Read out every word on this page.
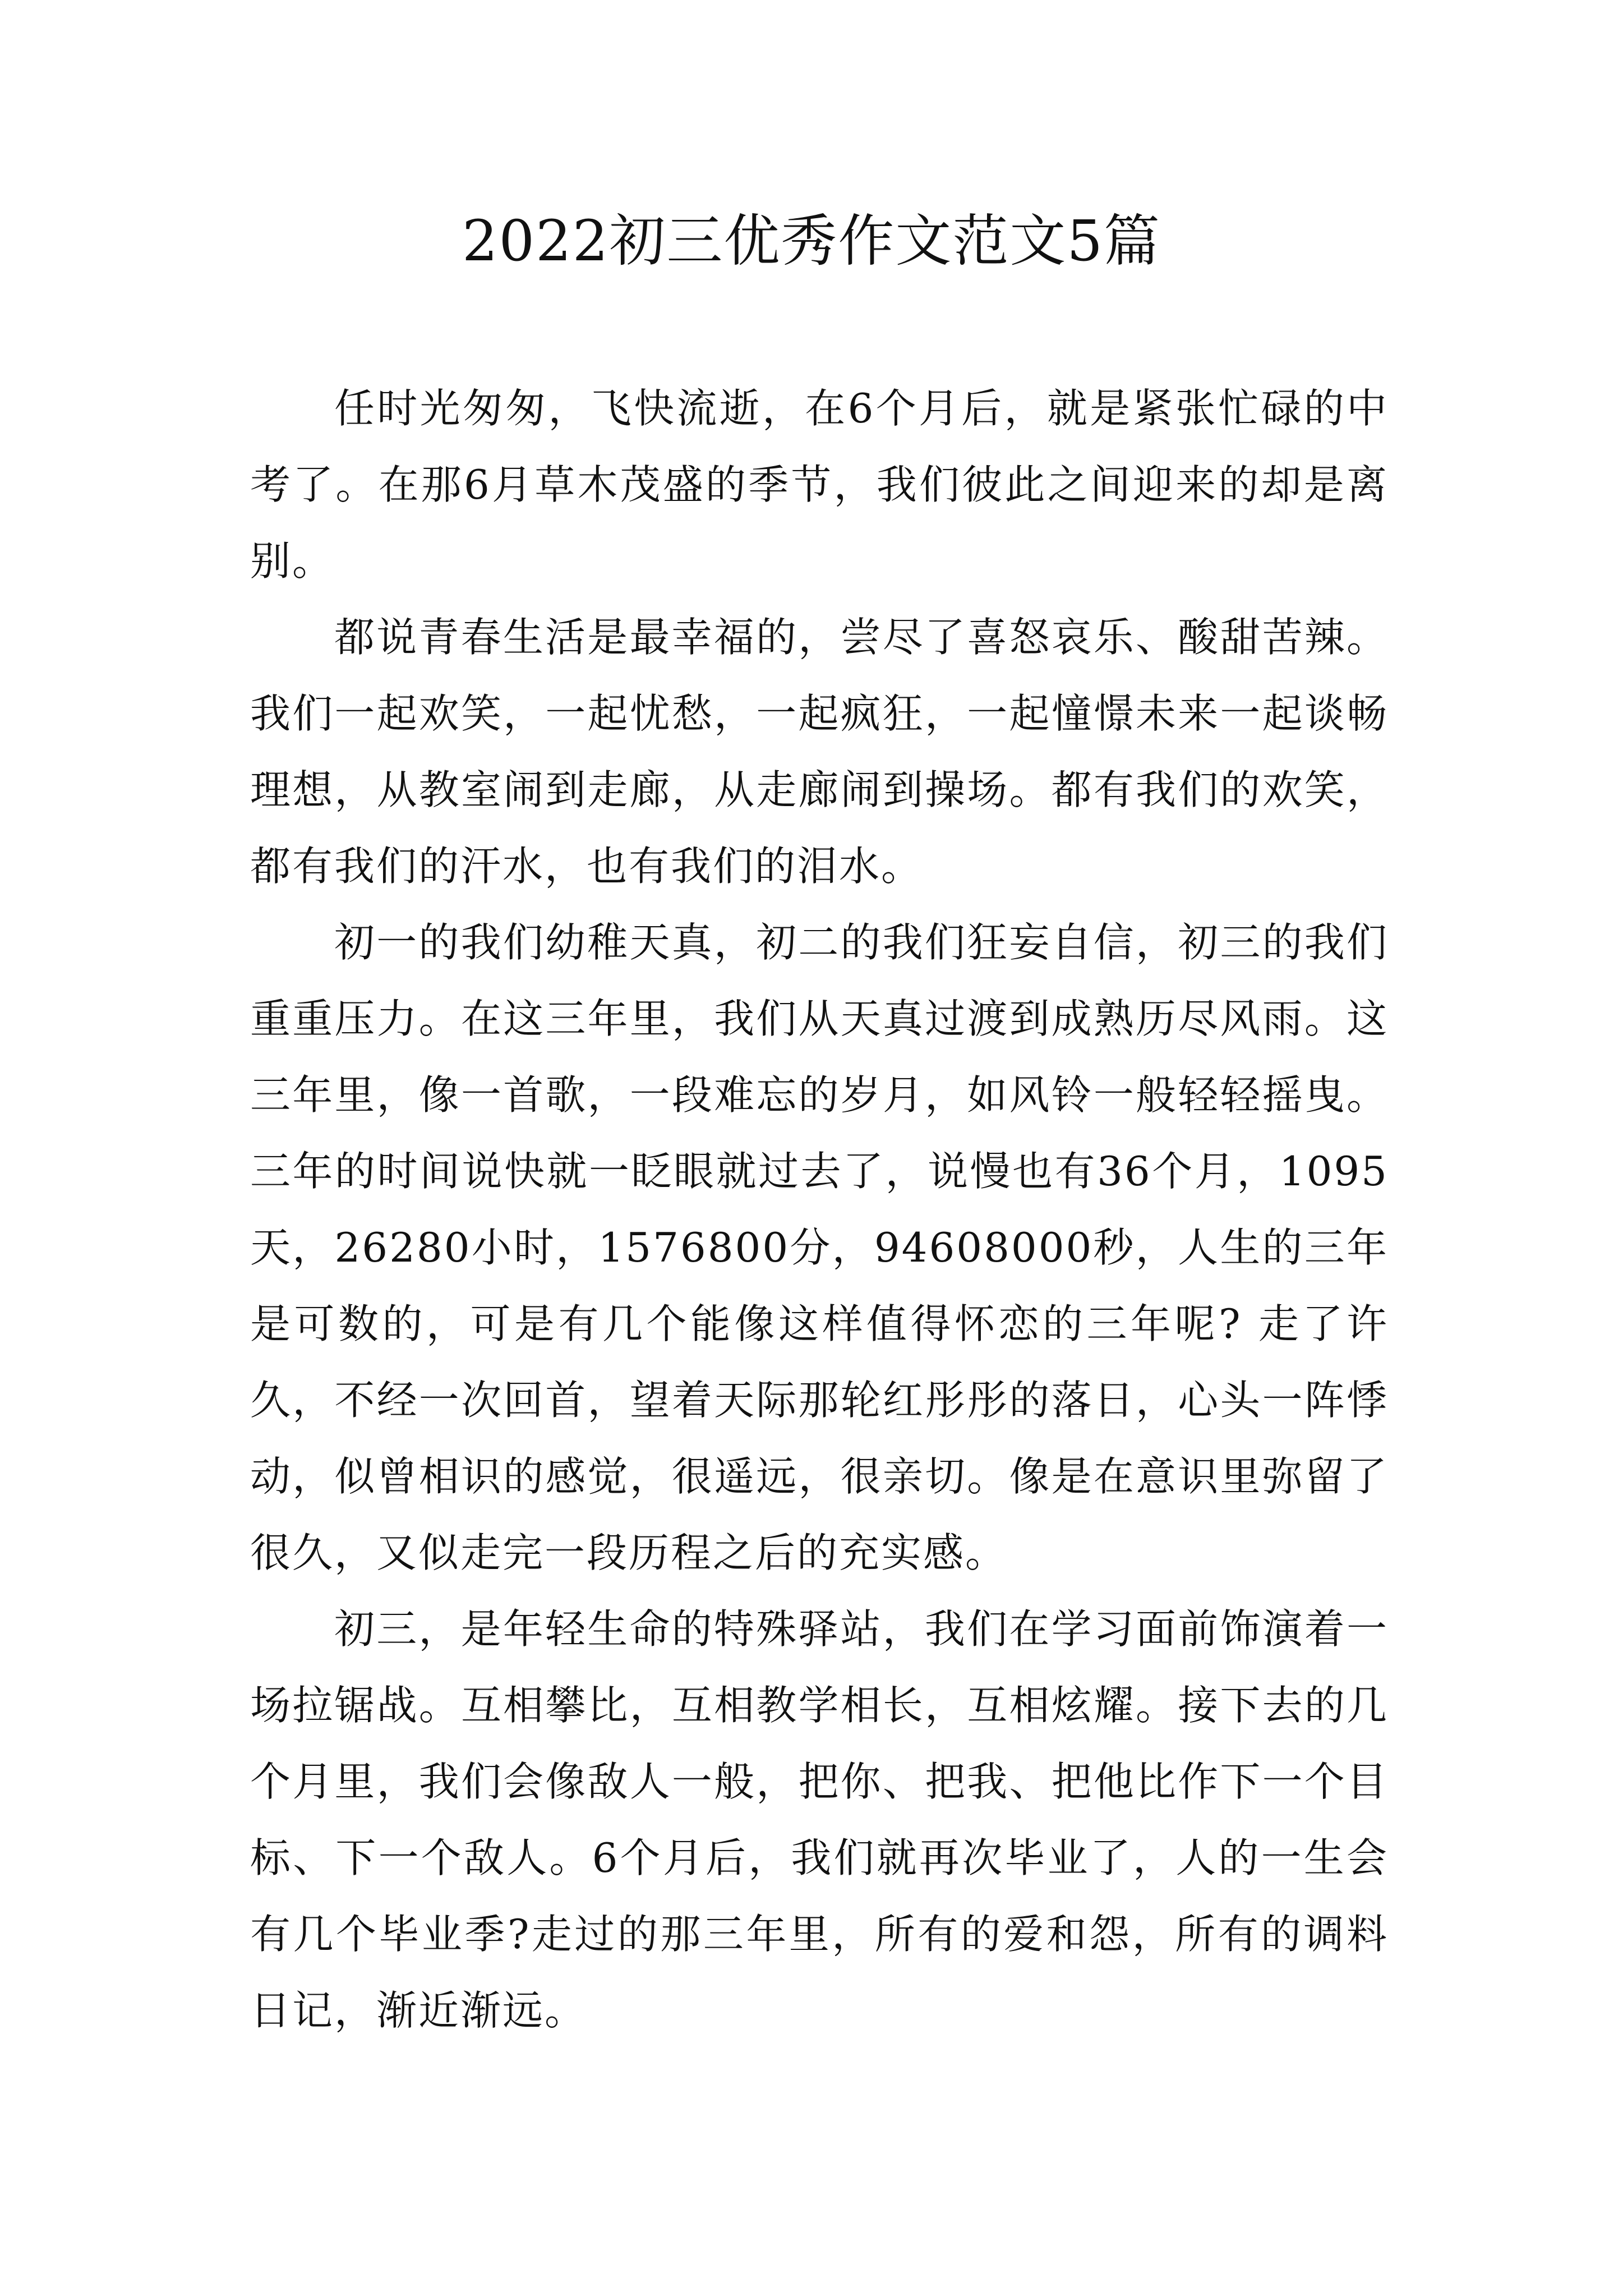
2022初三优秀作文范文5篇

任时光匆匆，飞快流逝，在6个月后，就是紧张忙碌的中考了。在那6月草木茂盛的季节，我们彼此之间迎来的却是离别。

都说青春生活是最幸福的，尝尽了喜怒哀乐、酸甜苦辣。我们一起欢笑，一起忧愁，一起疯狂，一起憧憬未来一起谈畅理想，从教室闹到走廊，从走廊闹到操场。都有我们的欢笑，都有我们的汗水，也有我们的泪水。

初一的我们幼稚天真，初二的我们狂妄自信，初三的我们重重压力。在这三年里，我们从天真过渡到成熟历尽风雨。这三年里，像一首歌，一段难忘的岁月，如风铃一般轻轻摇曳。三年的时间说快就一眨眼就过去了，说慢也有36个月，1095天，26280小时，1576800分，94608000秒，人生的三年是可数的，可是有几个能像这样值得怀恋的三年呢? 走了许久，不经一次回首，望着天际那轮红彤彤的落日，心头一阵悸动，似曾相识的感觉，很遥远，很亲切。像是在意识里弥留了很久，又似走完一段历程之后的充实感。

初三，是年轻生命的特殊驿站，我们在学习面前饰演着一场拉锯战。互相攀比，互相教学相长，互相炫耀。接下去的几个月里，我们会像敌人一般，把你、把我、把他比作下一个目标、下一个敌人。6个月后，我们就再次毕业了，人的一生会有几个毕业季?走过的那三年里，所有的爱和怨，所有的调料日记，渐近渐远。
